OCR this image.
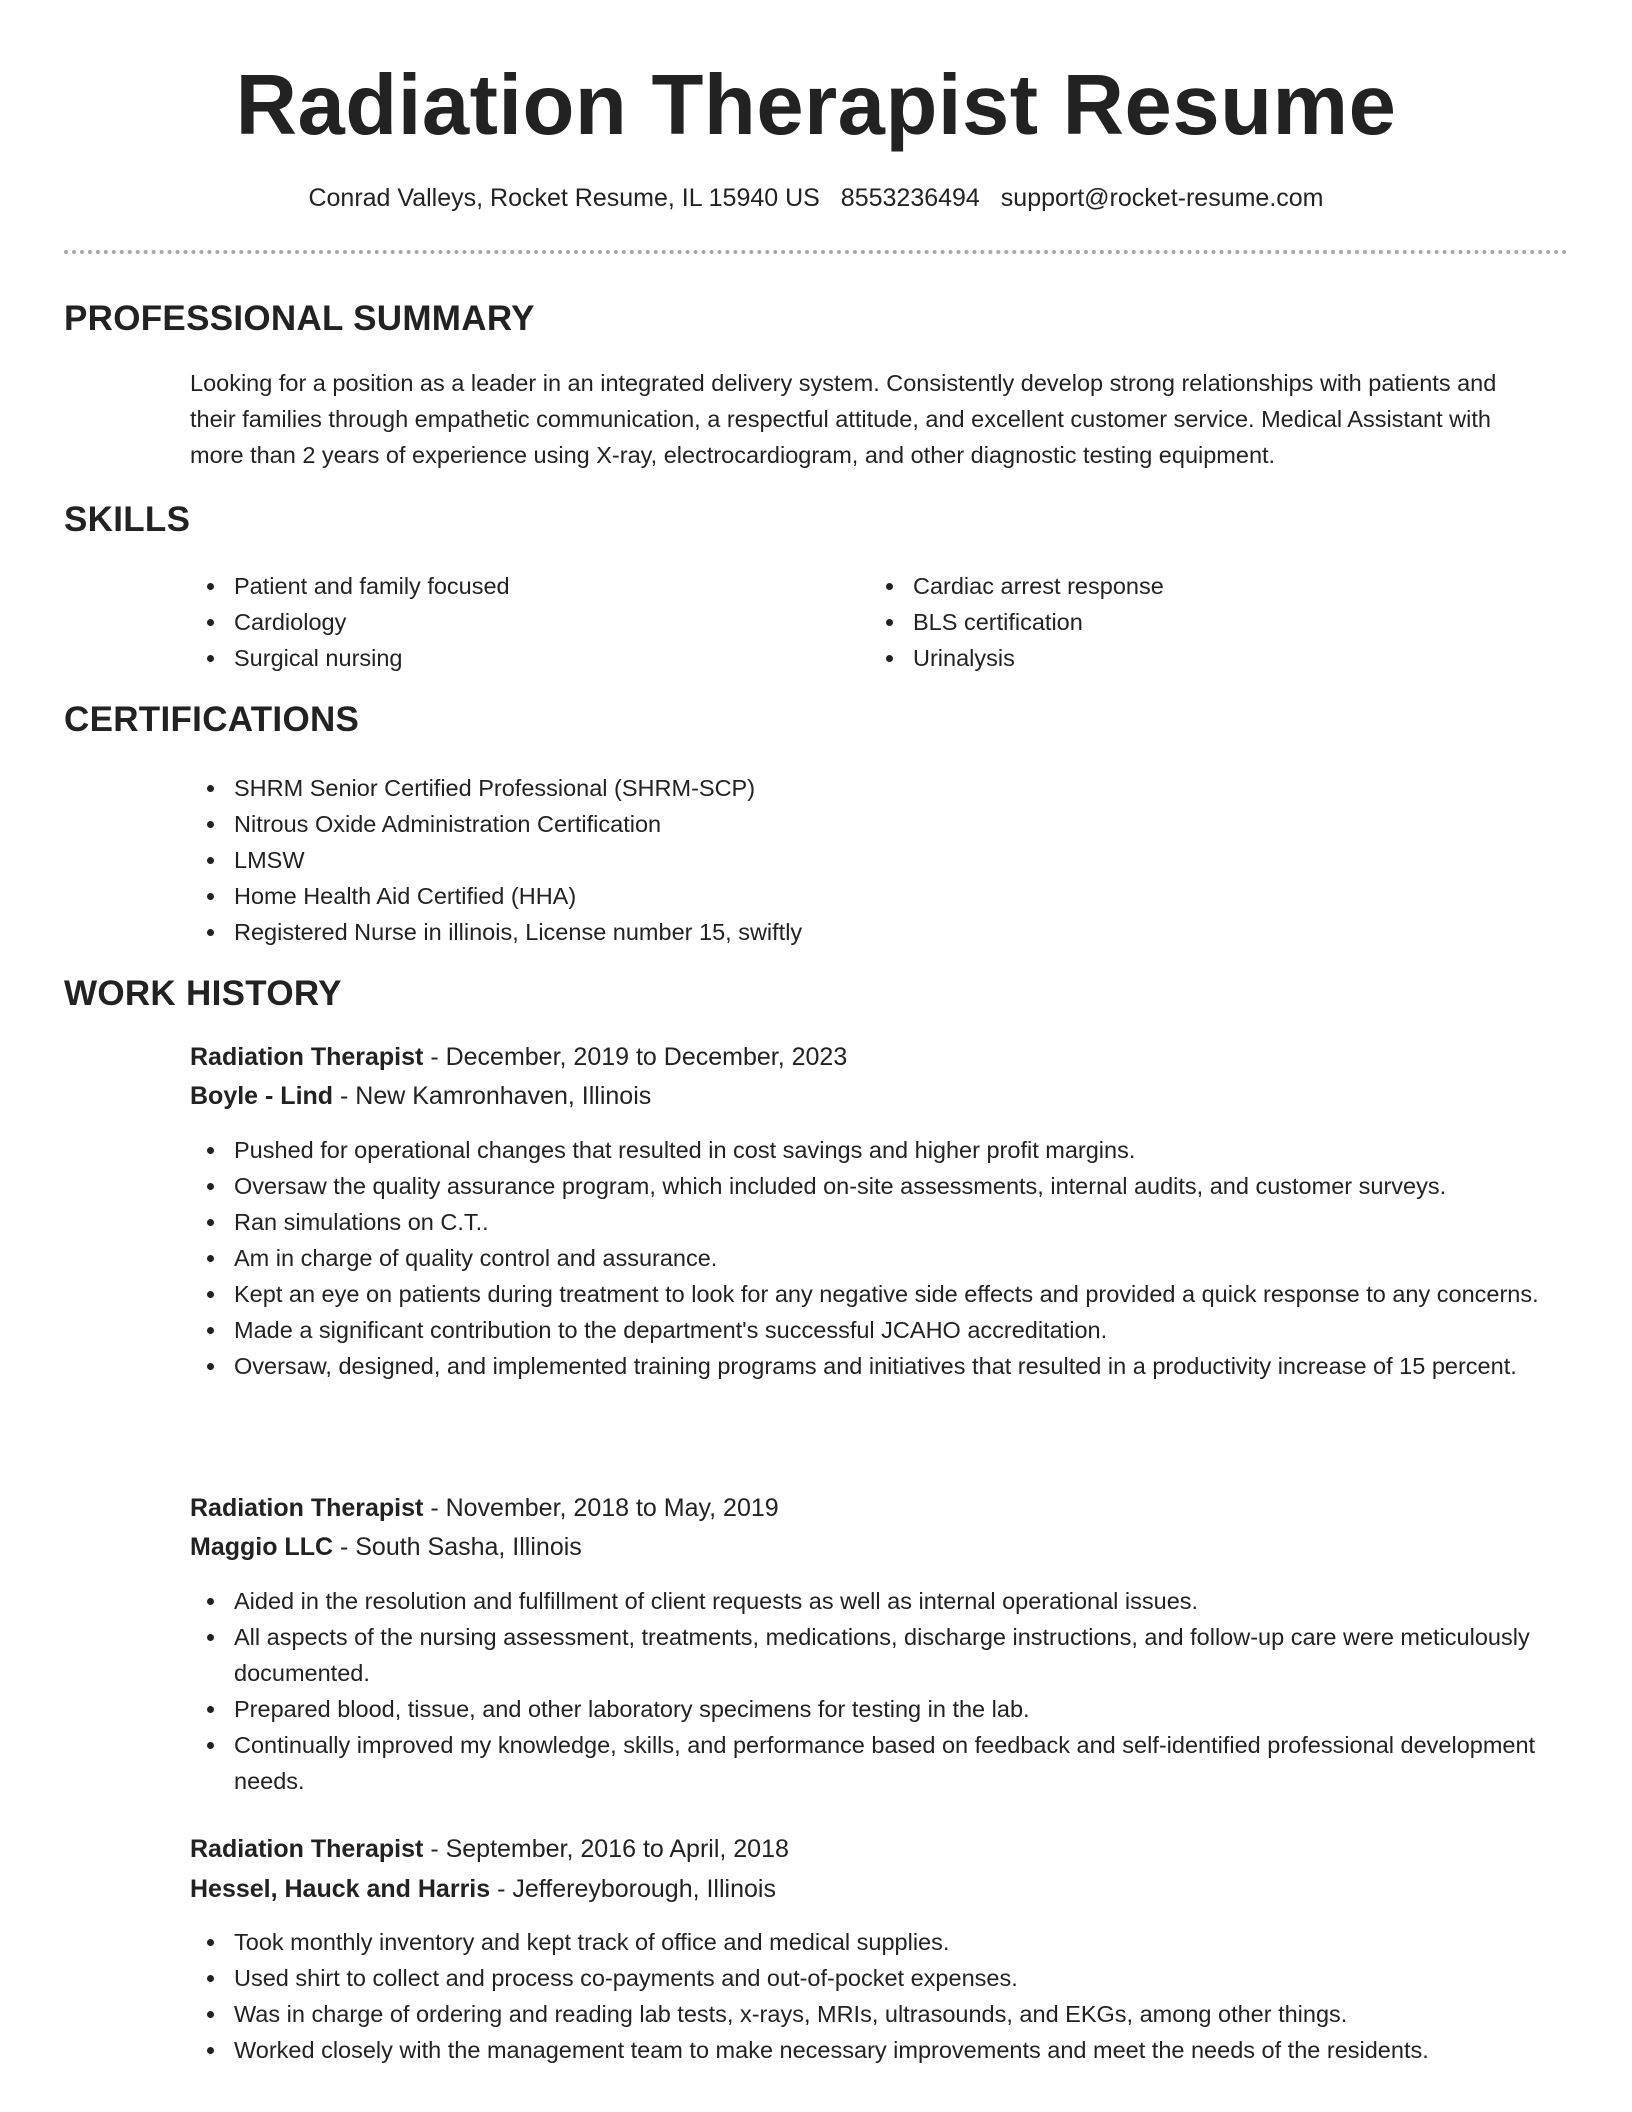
Radiation Therapist Resume
Conrad Valleys, Rocket Resume, IL 15940 US 8553236494 support@rocket-resume.com
PROFESSIONAL SUMMARY

Looking for a position as a leader in an integrated delivery system. Consistently develop strong relationships with patients and their families through empathetic communication, a respectful attitude, and excellent customer service. Medical Assistant with more than 2 years of experience using X-ray, electrocardiogram, and other diagnostic testing equipment.

SKILLS
Patient and family focused
Cardiology
Surgical nursing
Cardiac arrest response
BLS certification
Urinalysis
CERTIFICATIONS
SHRM Senior Certified Professional (SHRM-SCP)
Nitrous Oxide Administration Certification
LMSW
Home Health Aid Certified (HHA)
Registered Nurse in illinois, License number 15, swiftly
WORK HISTORY
Radiation Therapist - December, 2019 to December, 2023
Boyle - Lind - New Kamronhaven, Illinois
Pushed for operational changes that resulted in cost savings and higher profit margins.
Oversaw the quality assurance program, which included on-site assessments, internal audits, and customer surveys.
Ran simulations on C.T..
Am in charge of quality control and assurance.
Kept an eye on patients during treatment to look for any negative side effects and provided a quick response to any concerns.
Made a significant contribution to the department's successful JCAHO accreditation.
Oversaw, designed, and implemented training programs and initiatives that resulted in a productivity increase of 15 percent.
Radiation Therapist - November, 2018 to May, 2019
Maggio LLC - South Sasha, Illinois
Aided in the resolution and fulfillment of client requests as well as internal operational issues.
All aspects of the nursing assessment, treatments, medications, discharge instructions, and follow-up care were meticulously documented.
Prepared blood, tissue, and other laboratory specimens for testing in the lab.
Continually improved my knowledge, skills, and performance based on feedback and self-identified professional development needs.
Radiation Therapist - September, 2016 to April, 2018
Hessel, Hauck and Harris - Jeffereyborough, Illinois
Took monthly inventory and kept track of office and medical supplies.
Used shirt to collect and process co-payments and out-of-pocket expenses.
Was in charge of ordering and reading lab tests, x-rays, MRIs, ultrasounds, and EKGs, among other things.
Worked closely with the management team to make necessary improvements and meet the needs of the residents.
